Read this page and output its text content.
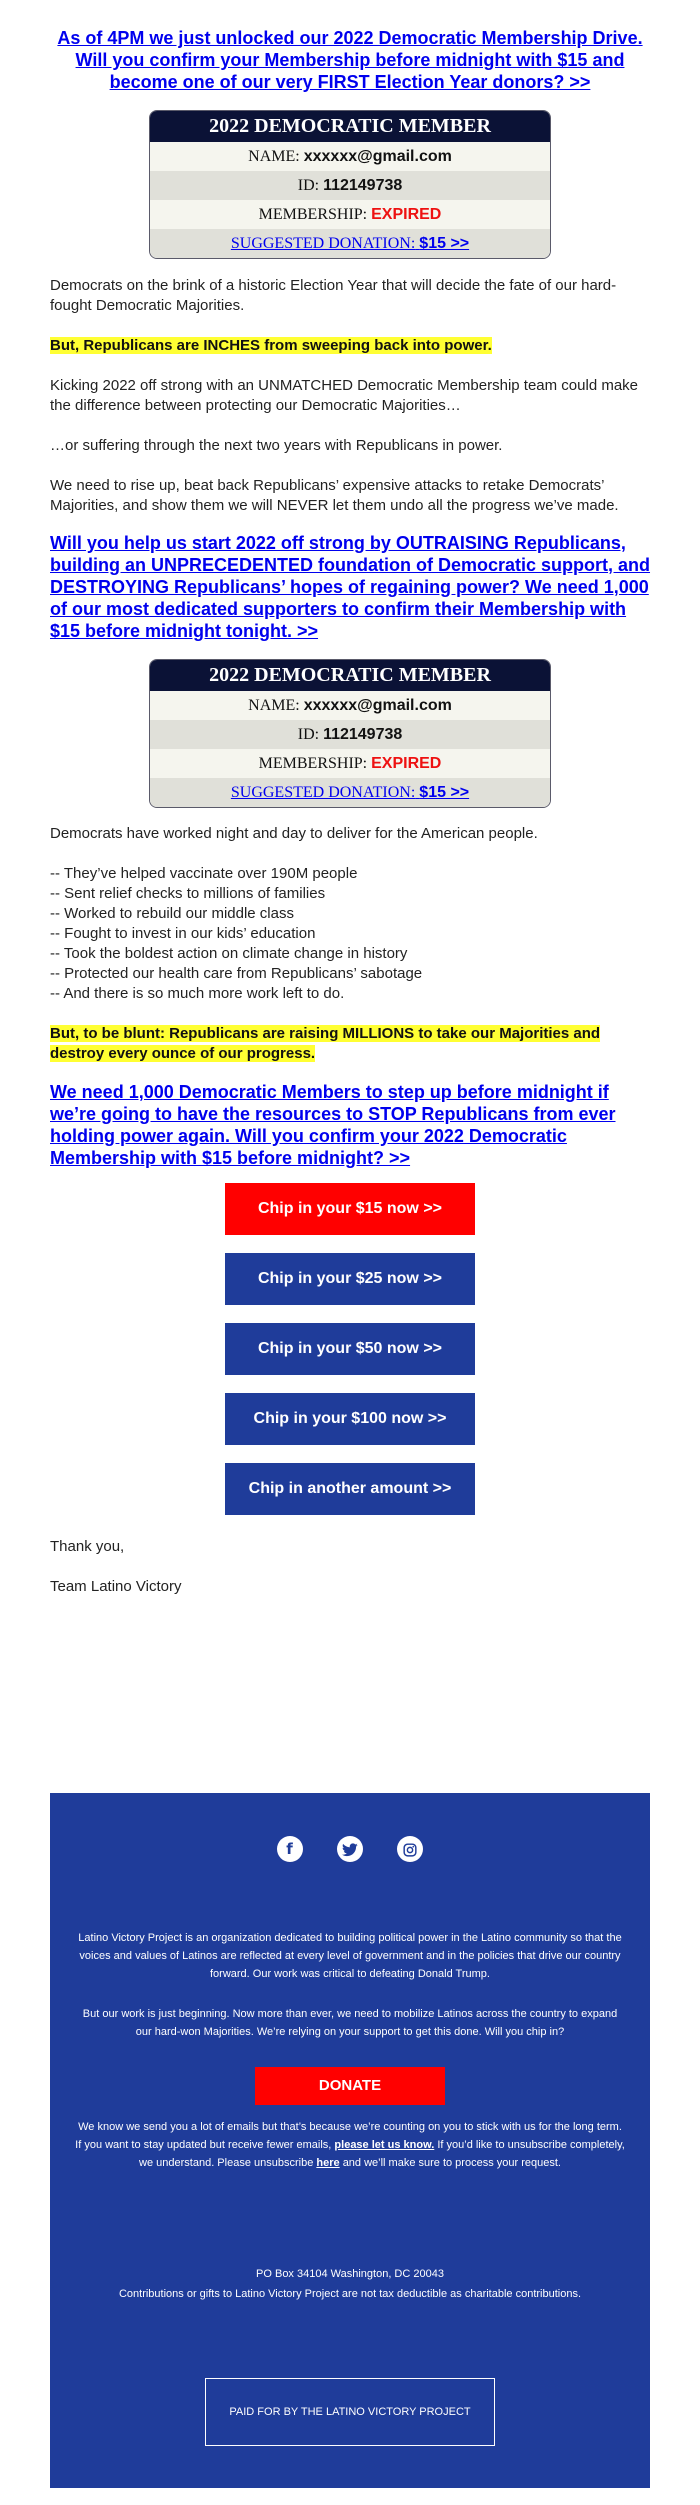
As of 4PM we just unlocked our 2022 Democratic Membership Drive. Will you confirm your Membership before midnight with $15 and become one of our very FIRST Election Year donors? >>
2022 DEMOCRATIC MEMBER
NAME: xxxxxx@gmail.com
ID: 112149738
MEMBERSHIP: EXPIRED
SUGGESTED DONATION: $15 >>

Democrats on the brink of a historic Election Year that will decide the fate of our hard-fought Democratic Majorities.

But, Republicans are INCHES from sweeping back into power.

Kicking 2022 off strong with an UNMATCHED Democratic Membership team could make the difference between protecting our Democratic Majorities…

…or suffering through the next two years with Republicans in power.

We need to rise up, beat back Republicans’ expensive attacks to retake Democrats’ Majorities, and show them we will NEVER let them undo all the progress we’ve made.

Will you help us start 2022 off strong by OUTRAISING Republicans, building an UNPRECEDENTED foundation of Democratic support, and DESTROYING Republicans’ hopes of regaining power? We need 1,000 of our most dedicated supporters to confirm their Membership with $15 before midnight tonight. >>
2022 DEMOCRATIC MEMBER
NAME: xxxxxx@gmail.com
ID: 112149738
MEMBERSHIP: EXPIRED
SUGGESTED DONATION: $15 >>

Democrats have worked night and day to deliver for the American people.

-- They’ve helped vaccinate over 190M people

-- Sent relief checks to millions of families

-- Worked to rebuild our middle class

-- Fought to invest in our kids’ education

-- Took the boldest action on climate change in history

-- Protected our health care from Republicans’ sabotage

-- And there is so much more work left to do.

But, to be blunt: Republicans are raising MILLIONS to take our Majorities and destroy every ounce of our progress.

We need 1,000 Democratic Members to step up before midnight if we’re going to have the resources to STOP Republicans from ever holding power again. Will you confirm your 2022 Democratic Membership with $15 before midnight? >>
Chip in your $15 now >>
Chip in your $25 now >>
Chip in your $50 now >>
Chip in your $100 now >>
Chip in another amount >>

Thank you,

Team Latino Victory

f
Latino Victory Project is an organization dedicated to building political power in the Latino community so that the voices and values of Latinos are reflected at every level of government and in the policies that drive our country forward. Our work was critical to defeating Donald Trump.
But our work is just beginning. Now more than ever, we need to mobilize Latinos across the country to expand our hard-won Majorities. We’re relying on your support to get this done. Will you chip in?
DONATE
We know we send you a lot of emails but that’s because we’re counting on you to stick with us for the long term. If you want to stay updated but receive fewer emails, please let us know. If you’d like to unsubscribe completely, we understand. Please unsubscribe here and we’ll make sure to process your request.
PO Box 34104 Washington, DC 20043
Contributions or gifts to Latino Victory Project are not tax deductible as charitable contributions.
PAID FOR BY THE LATINO VICTORY PROJECT
